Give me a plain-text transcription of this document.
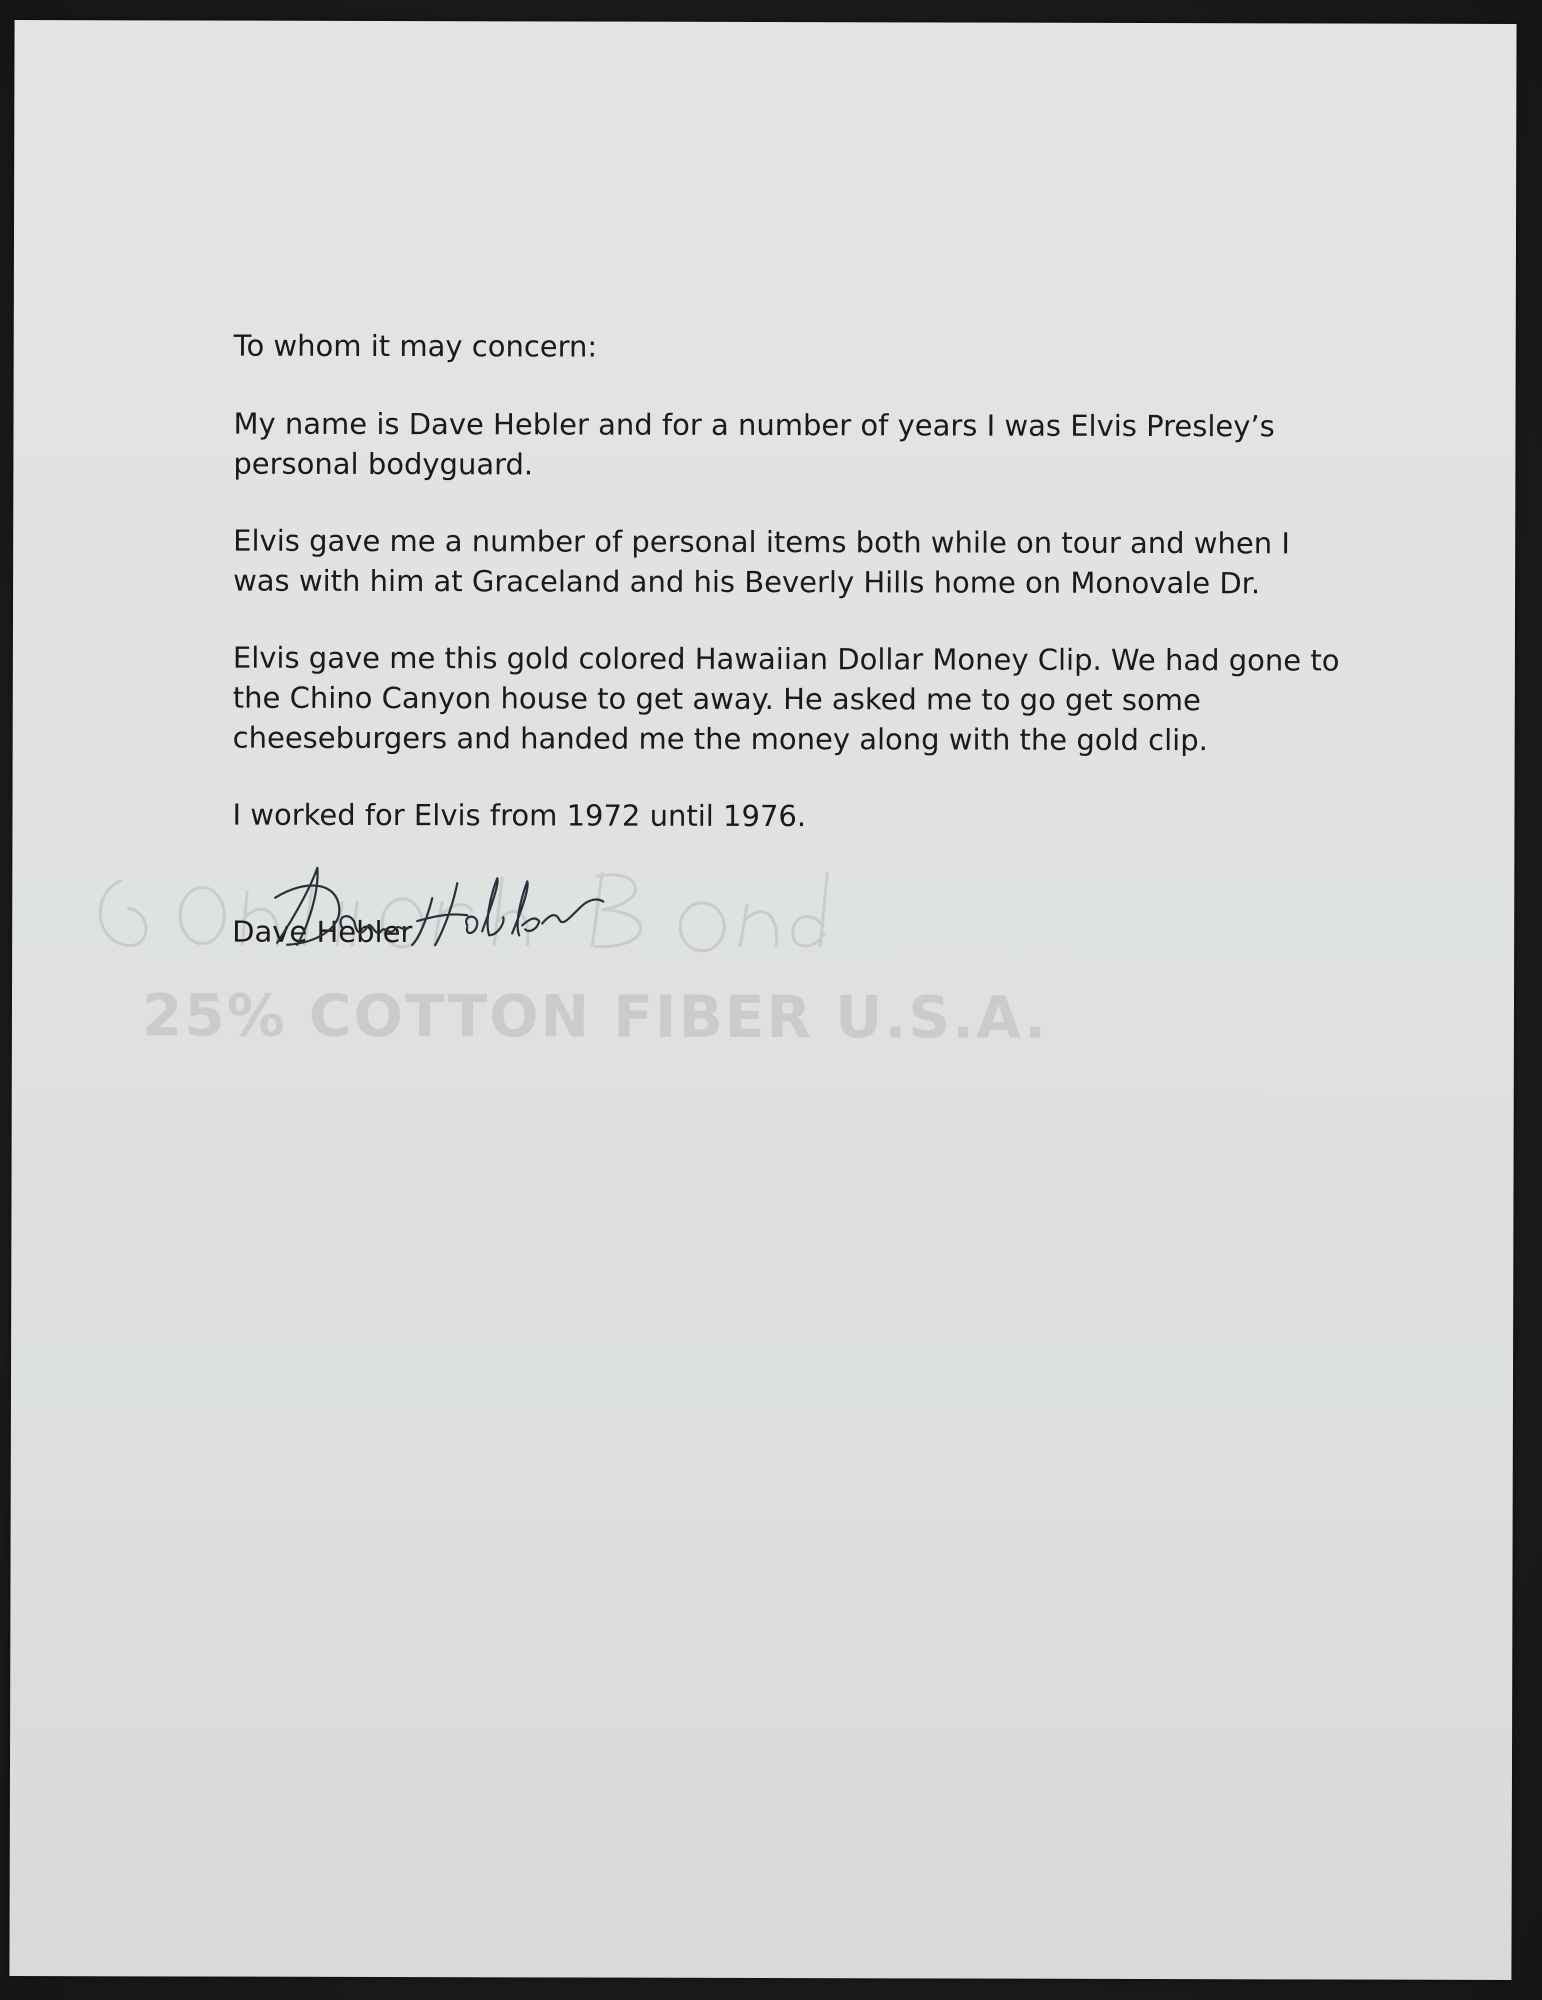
25% COTTON FIBER U.S.A.

To whom it may concern:

My name is Dave Hebler and for a number of years I was Elvis Presley’s personal bodyguard.

Elvis gave me a number of personal items both while on tour and when I was with him at Graceland and his Beverly Hills home on Monovale Dr.

Elvis gave me this gold colored Hawaiian Dollar Money Clip. We had gone to the Chino Canyon house to get away. He asked me to go get some cheeseburgers and handed me the money along with the gold clip.

I worked for Elvis from 1972 until 1976.

Dave Hebler
